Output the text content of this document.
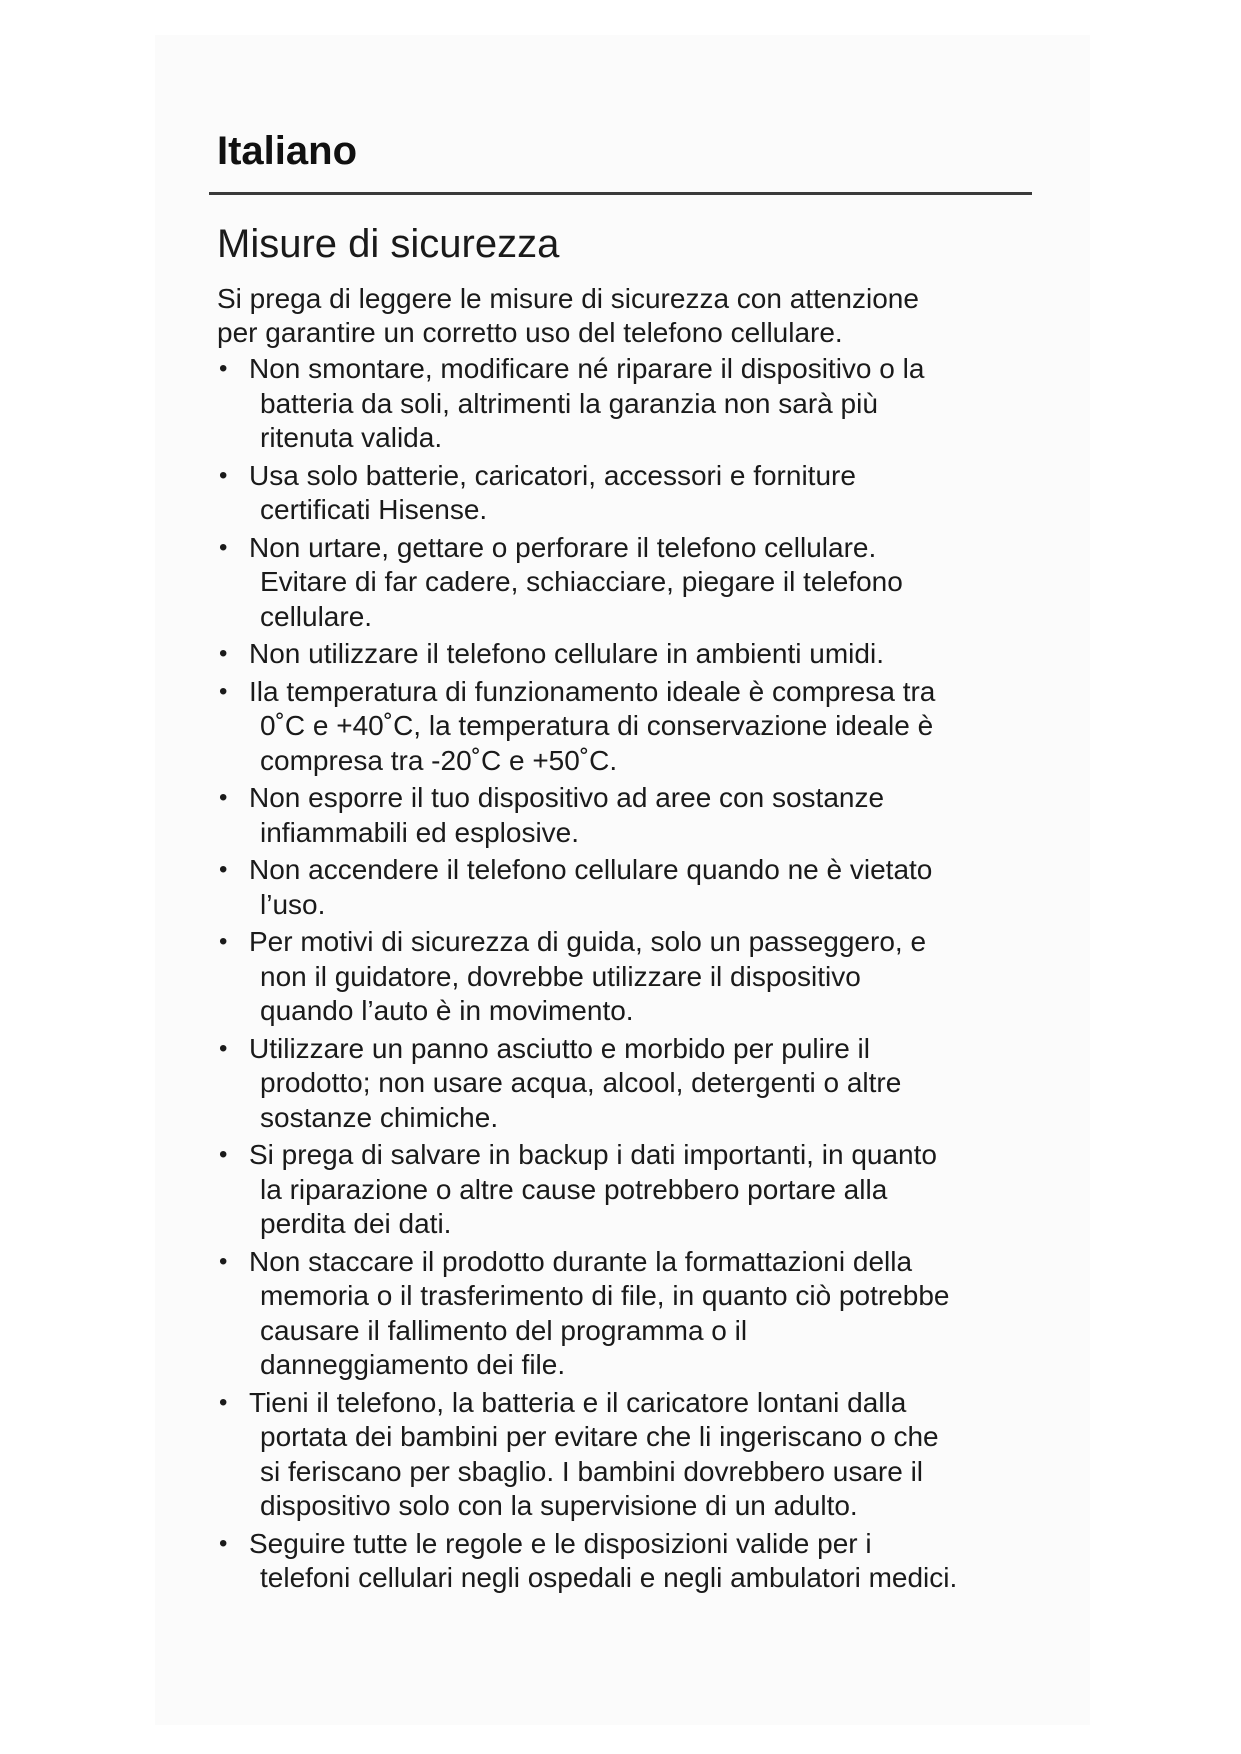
Italiano
Misure di sicurezza

Si prega di leggere le misure di sicurezza con attenzione
per garantire un corretto uso del telefono cellulare.

• Non smontare, modificare né riparare il dispositivo o la
batteria da soli, altrimenti la garanzia non sarà più
ritenuta valida.
• Usa solo batterie, caricatori, accessori e forniture
certificati Hisense.
• Non urtare, gettare o perforare il telefono cellulare.
Evitare di far cadere, schiacciare, piegare il telefono
cellulare.
• Non utilizzare il telefono cellulare in ambienti umidi.
• Ila temperatura di funzionamento ideale è compresa tra
0˚C e +40˚C, la temperatura di conservazione ideale è
compresa tra -20˚C e +50˚C.
• Non esporre il tuo dispositivo ad aree con sostanze
infiammabili ed esplosive.
• Non accendere il telefono cellulare quando ne è vietato
l’uso.
• Per motivi di sicurezza di guida, solo un passeggero, e
non il guidatore, dovrebbe utilizzare il dispositivo
quando l’auto è in movimento.
• Utilizzare un panno asciutto e morbido per pulire il
prodotto; non usare acqua, alcool, detergenti o altre
sostanze chimiche.
• Si prega di salvare in backup i dati importanti, in quanto
la riparazione o altre cause potrebbero portare alla
perdita dei dati.
• Non staccare il prodotto durante la formattazioni della
memoria o il trasferimento di file, in quanto ciò potrebbe
causare il fallimento del programma o il
danneggiamento dei file.
• Tieni il telefono, la batteria e il caricatore lontani dalla
portata dei bambini per evitare che li ingeriscano o che
si feriscano per sbaglio. I bambini dovrebbero usare il
dispositivo solo con la supervisione di un adulto.
• Seguire tutte le regole e le disposizioni valide per i
telefoni cellulari negli ospedali e negli ambulatori medici.
